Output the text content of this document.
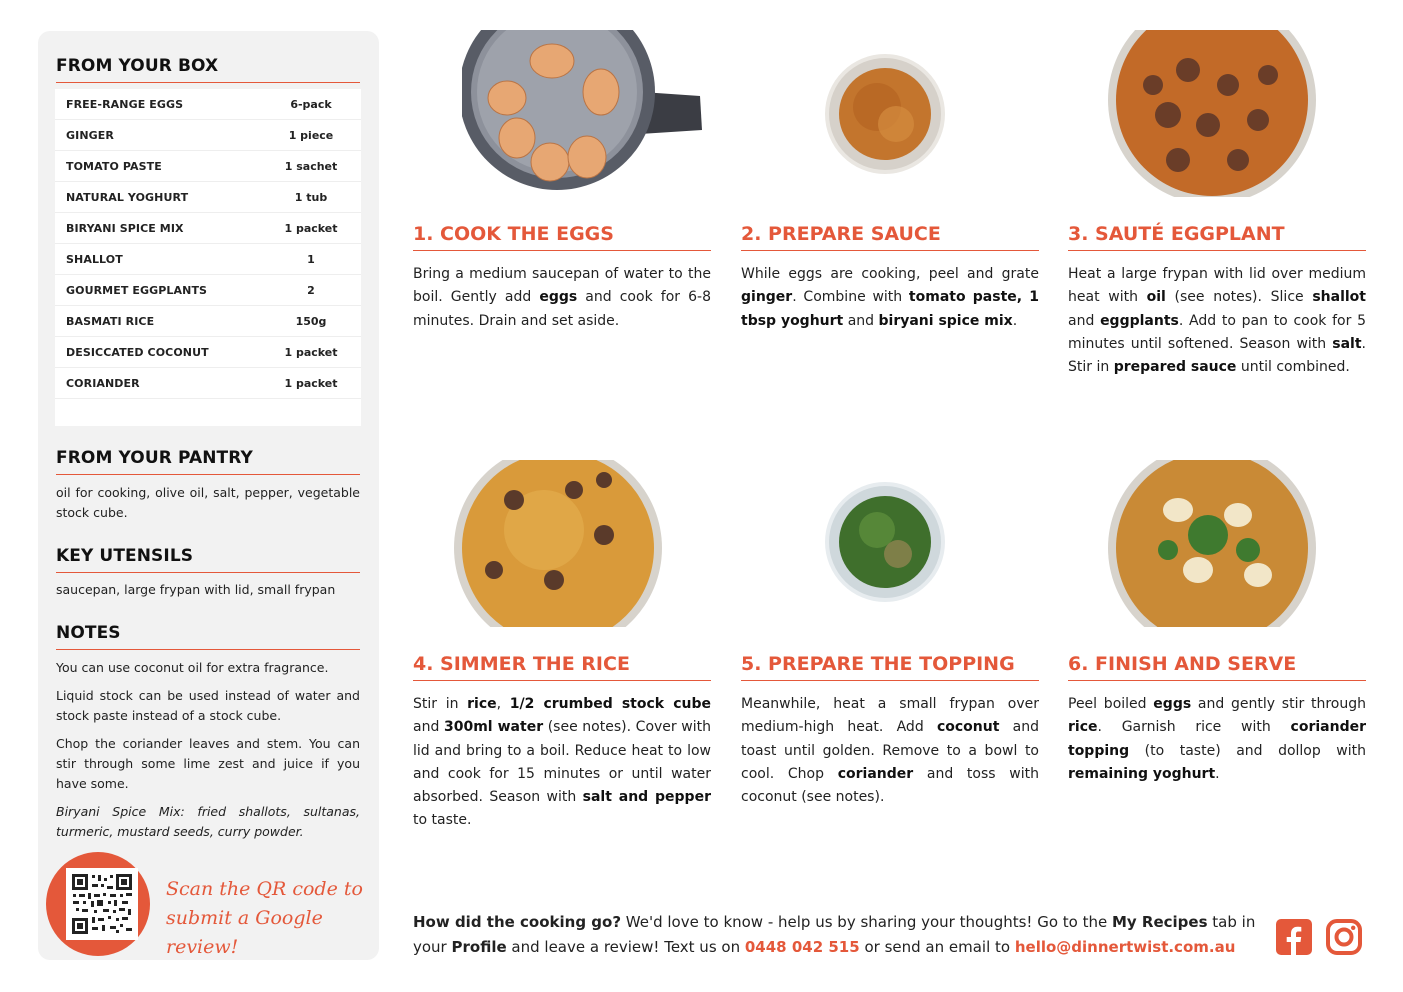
FROM YOUR BOX
FREE-RANGE EGGS	6-pack
GINGER	1 piece
TOMATO PASTE	1 sachet
NATURAL YOGHURT	1 tub
BIRYANI SPICE MIX	1 packet
SHALLOT	1
GOURMET EGGPLANTS	2
BASMATI RICE	150g
DESICCATED COCONUT	1 packet
CORIANDER	1 packet
FROM YOUR PANTRY
oil for cooking, olive oil, salt, pepper, vegetable stock cube.
KEY UTENSILS
saucepan, large frypan with lid, small frypan
NOTES

You can use coconut oil for extra fragrance.

Liquid stock can be used instead of water and stock paste instead of a stock cube.

Chop the coriander leaves and stem. You can stir through some lime zest and juice if you have some.

Biryani Spice Mix: fried shallots, sultanas, turmeric, mustard seeds, curry powder.

Scan the QR code to
submit a Google review!
1. COOK THE EGGS
Bring a medium saucepan of water to the boil. Gently add eggs and cook for 6-8 minutes. Drain and set aside.
2. PREPARE SAUCE
While eggs are cooking, peel and grate ginger. Combine with tomato paste, 1 tbsp yoghurt and biryani spice mix.
3. SAUTÉ EGGPLANT
Heat a large frypan with lid over medium heat with oil (see notes). Slice shallot and eggplants. Add to pan to cook for 5 minutes until softened. Season with salt. Stir in prepared sauce until combined.
4. SIMMER THE RICE
Stir in rice, 1/2 crumbed stock cube and 300ml water (see notes). Cover with lid and bring to a boil. Reduce heat to low and cook for 15 minutes or until water absorbed. Season with salt and pepper to taste.
5. PREPARE THE TOPPING
Meanwhile, heat a small frypan over medium-high heat. Add coconut and toast until golden. Remove to a bowl to cool. Chop coriander and toss with coconut (see notes).
6. FINISH AND SERVE
Peel boiled eggs and gently stir through rice. Garnish rice with coriander topping (to taste) and dollop with remaining yoghurt.
How did the cooking go? We'd love to know - help us by sharing your thoughts! Go to the My Recipes tab in your Profile and leave a review! Text us on 0448 042 515 or send an email to hello@dinnertwist.com.au
